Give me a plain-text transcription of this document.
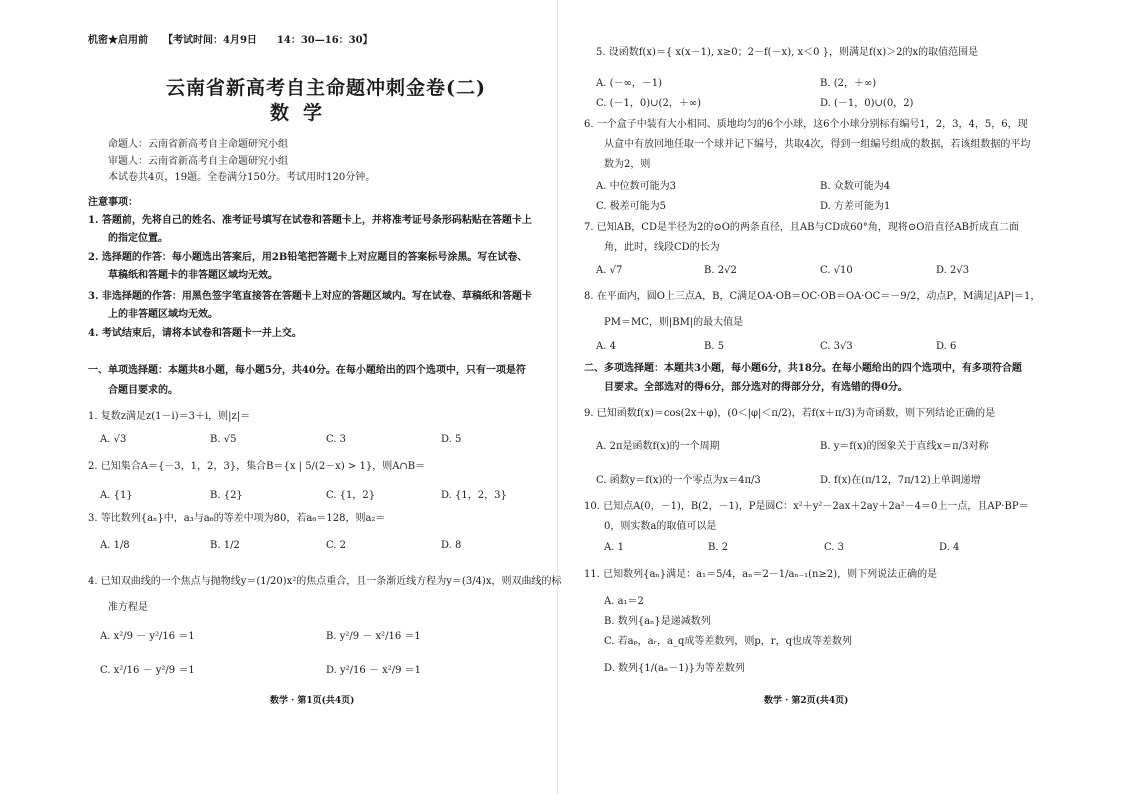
机密★启用前 【考试时间：4月9日　　14：30—16：30】
云南省新高考自主命题冲刺金卷(二)
数学
命题人：云南省新高考自主命题研究小组
审题人：云南省新高考自主命题研究小组
本试卷共4页，19题。全卷满分150分。考试用时120分钟。
注意事项：
1. 答题前，先将自己的姓名、准考证号填写在试卷和答题卡上，并将准考证号条形码粘贴在答题卡上
　　的指定位置。
2. 选择题的作答：每小题选出答案后，用2B铅笔把答题卡上对应题目的答案标号涂黑。写在试卷、
　　草稿纸和答题卡的非答题区域均无效。
3. 非选择题的作答：用黑色签字笔直接答在答题卡上对应的答题区域内。写在试卷、草稿纸和答题卡
　　上的非答题区域均无效。
4. 考试结束后，请将本试卷和答题卡一并上交。
一、单项选择题：本题共8小题，每小题5分，共40分。在每小题给出的四个选项中，只有一项是符
　　合题目要求的。
1. 复数z满足z(1－i)＝3＋i，则|z|＝
A. √3	B. √5	C. 3	D. 5
2. 已知集合A＝{－3，1，2，3}，集合B＝{x | 5/(2－x) > 1}，则A∩B＝
A. {1}	B. {2}	C. {1，2}	D. {1，2，3}
3. 等比数列{aₙ}中，a₃与a₆的等差中项为80，若a₆＝128，则a₂＝
A. 1/8	B. 1/2	C. 2	D. 8
4. 已知双曲线的一个焦点与抛物线y＝(1/20)x²的焦点重合，且一条渐近线方程为y＝(3/4)x，则双曲线的标
　　准方程是
A. x²/9 － y²/16 ＝1	B. y²/9 － x²/16 ＝1
C. x²/16 － y²/9 ＝1	D. y²/16 － x²/9 ＝1
数学 · 第1页(共4页)
5. 设函数f(x)＝{ x(x－1), x≥0；2－f(－x), x＜0 }，则满足f(x)＞2的x的取值范围是
A. (－∞，－1)	B. (2，＋∞)
C. (－1，0)∪(2，＋∞)	D. (－1，0)∪(0，2)
6. 一个盒子中装有大小相同、质地均匀的6个小球，这6个小球分别标有编号1，2，3，4，5，6，现
　　从盒中有放回地任取一个球并记下编号，共取4次，得到一组编号组成的数据，若该组数据的平均
　　数为2，则
A. 中位数可能为3	B. 众数可能为4
C. 极差可能为5	D. 方差可能为1
7. 已知AB，CD是半径为2的⊙O的两条直径，且AB与CD成60°角，现将⊙O沿直径AB折成直二面
　　角，此时，线段CD的长为
A. √7	B. 2√2	C. √10	D. 2√3
8. 在平面内，圆O上三点A，B，C满足OA·OB＝OC·OB＝OA·OC＝－9/2，动点P，M满足|AP|＝1，
　　PM＝MC，则|BM|的最大值是
A. 4	B. 5	C. 3√3	D. 6
二、多项选择题：本题共3小题，每小题6分，共18分。在每小题给出的四个选项中，有多项符合题
　　目要求。全部选对的得6分，部分选对的得部分分，有选错的得0分。
9. 已知函数f(x)＝cos(2x＋φ)，(0＜|φ|＜π/2)，若f(x＋π/3)为奇函数，则下列结论正确的是
A. 2π是函数f(x)的一个周期	B. y＝f(x)的图象关于直线x＝π/3对称
C. 函数y＝f(x)的一个零点为x＝4π/3	D. f(x)在(π/12，7π/12)上单调递增
10. 已知点A(0，－1)，B(2，－1)，P是圆C：x²＋y²－2ax＋2ay＋2a²－4＝0上一点，且AP·BP＝
　　0，则实数a的取值可以是
A. 1	B. 2	C. 3	D. 4
11. 已知数列{aₙ}满足：a₁＝5/4，aₙ＝2－1/aₙ₋₁(n≥2)，则下列说法正确的是
A. a₁＝2
B. 数列{aₙ}是递减数列
C. 若aₚ，aᵣ，a_q成等差数列，则p，r，q也成等差数列
D. 数列{1/(aₙ－1)}为等差数列
数学 · 第2页(共4页)
